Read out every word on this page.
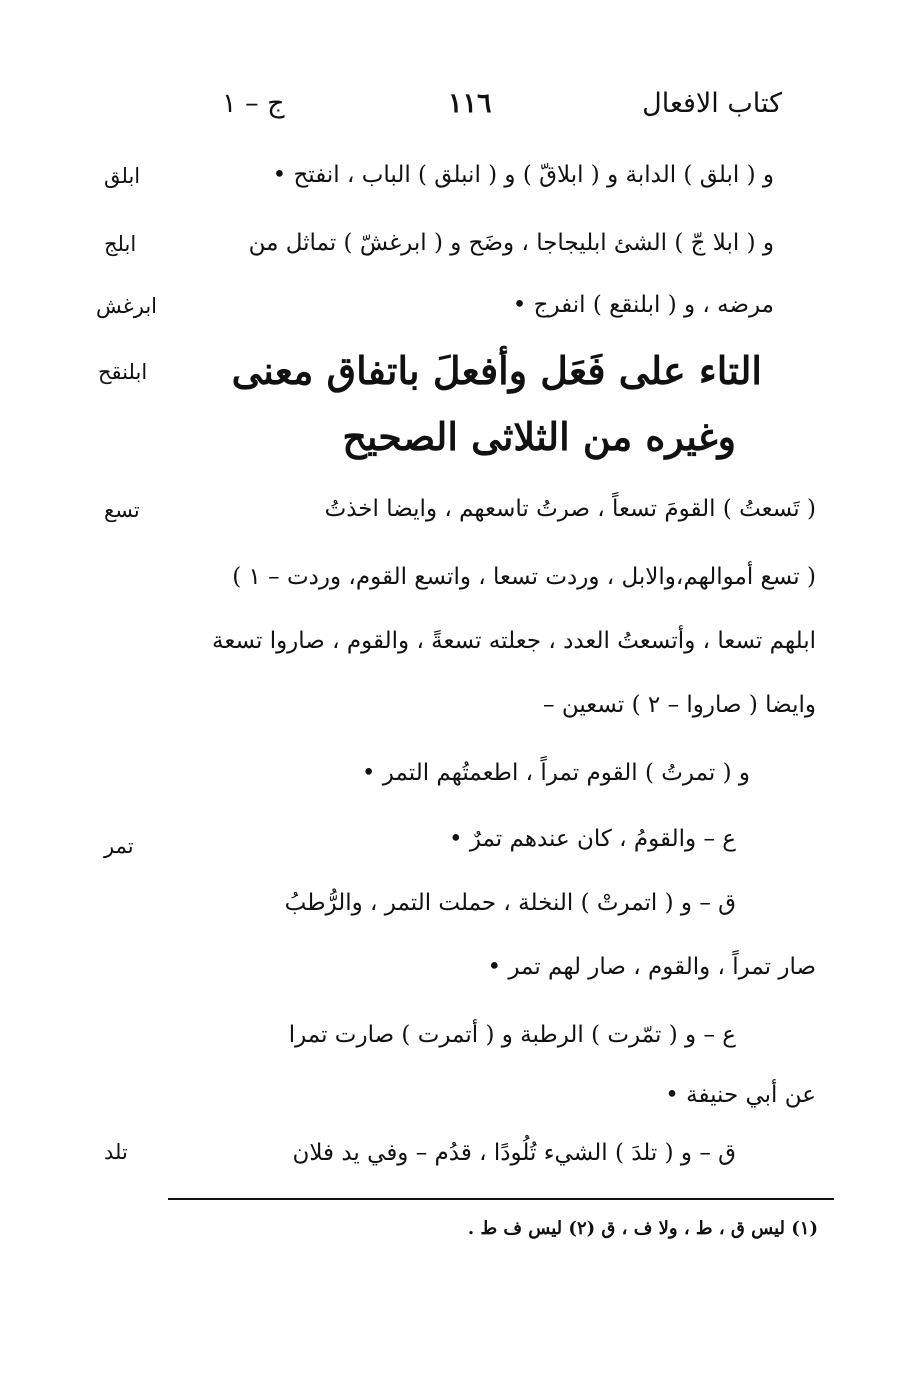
كتاب الافعال
١١٦
ج – ١
ابلق
ابلج
ابرغش
ابلنقح
تسع
تمر
تلد
و ( ابلق ) الدابة و ( ابلاقّ ) و ( انبلق ) الباب ، انفتح •
و ( ابلا جّ ) الشئ ابليجاجا ، وضَح و ( ابرغشّ ) تماثل من
مرضه ، و ( ابلنقع ) انفرج •
التاء على فَعَل وأفعلَ باتفاق معنى
وغيره من الثلاثى الصحيح
( تَسعتُ ) القومَ تسعاً ، صرتُ تاسعهم ، وايضا اخذتُ
( تسع أموالهم،والابل ، وردت تسعا ، واتسع القوم، وردت – ١ )
ابلهم تسعا ، وأتسعتُ العدد ، جعلته تسعةً ، والقوم ، صاروا تسعة
وايضا ( صاروا – ٢ ) تسعين –
و ( تمرتُ ) القوم تمراً ، اطعمتُهم التمر •
ع – والقومُ ، كان عندهم تمرٌ •
ق – و ( اتمرتْ ) النخلة ، حملت التمر ، والرُّطبُ
صار تمراً ، والقوم ، صار لهم تمر •
ع – و ( تمّرت ) الرطبة و ( أتمرت ) صارت تمرا
عن أبي حنيفة •
ق – و ( تلدَ ) الشيء تُلُودًا ، قدُم – وفي يد فلان
(١) ليس ق ، ط ، ولا ف ، ق (٢) ليس ف ط .
